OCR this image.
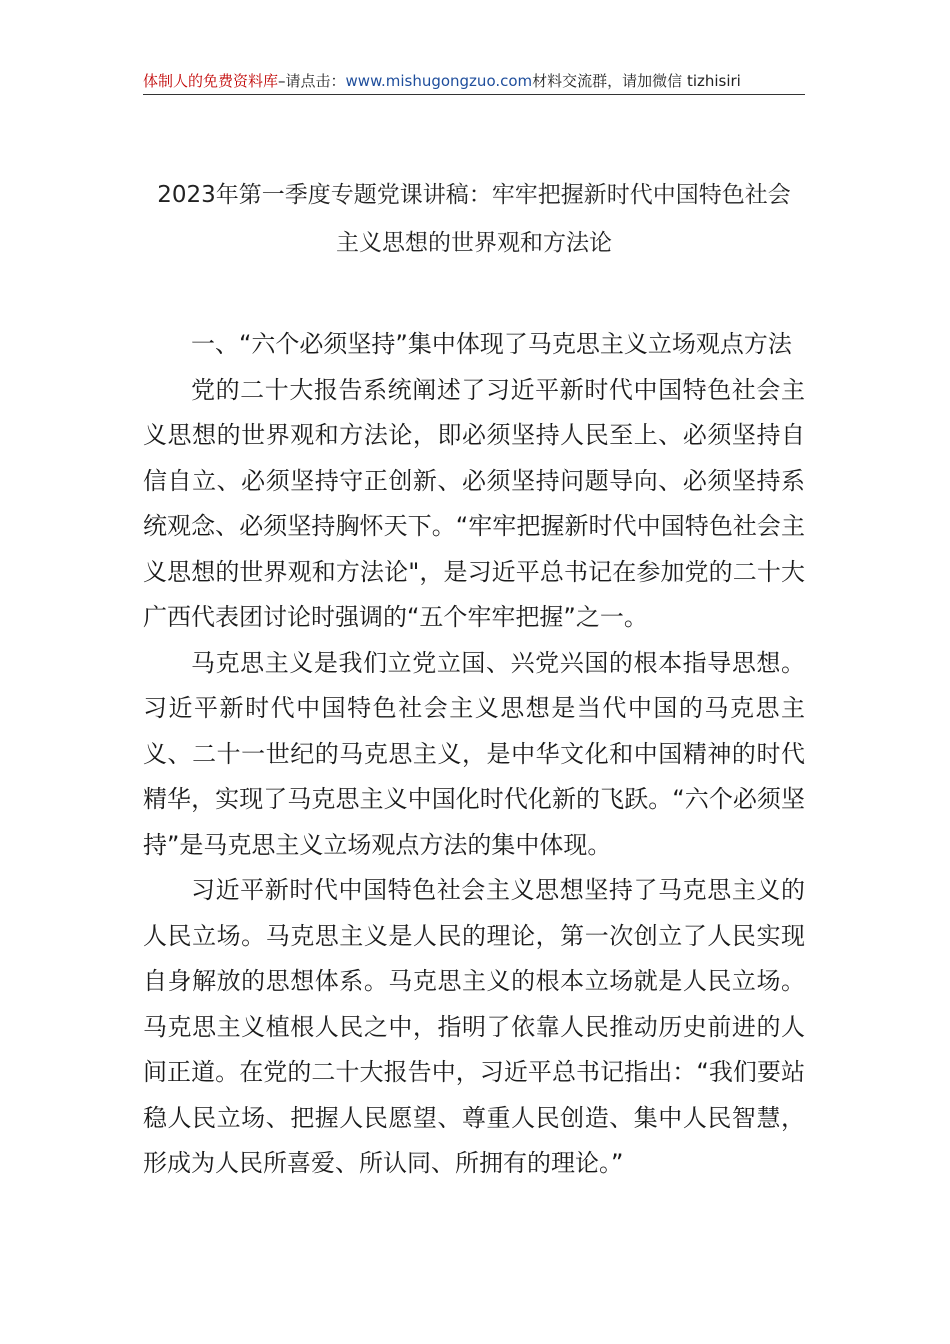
体制人的免费资料库–请点击：www.mishugongzuo.com材料交流群，请加微信 tizhisiri
2023年第一季度专题党课讲稿：牢牢把握新时代中国特色社会
主义思想的世界观和方法论

一、“六个必须坚持”集中体现了马克思主义立场观点方法

党的二十大报告系统阐述了习近平新时代中国特色社会主义思想的世界观和方法论，即必须坚持人民至上、必须坚持自信自立、必须坚持守正创新、必须坚持问题导向、必须坚持系统观念、必须坚持胸怀天下。“牢牢把握新时代中国特色社会主义思想的世界观和方法论"，是习近平总书记在参加党的二十大广西代表团讨论时强调的“五个牢牢把握”之一。

马克思主义是我们立党立国、兴党兴国的根本指导思想。习近平新时代中国特色社会主义思想是当代中国的马克思主义、二十一世纪的马克思主义，是中华文化和中国精神的时代精华，实现了马克思主义中国化时代化新的飞跃。“六个必须坚持”是马克思主义立场观点方法的集中体现。

习近平新时代中国特色社会主义思想坚持了马克思主义的人民立场。马克思主义是人民的理论，第一次创立了人民实现自身解放的思想体系。马克思主义的根本立场就是人民立场。马克思主义植根人民之中，指明了依靠人民推动历史前进的人间正道。在党的二十大报告中，习近平总书记指出：“我们要站稳人民立场、把握人民愿望、尊重人民创造、集中人民智慧，形成为人民所喜爱、所认同、所拥有的理论。”
